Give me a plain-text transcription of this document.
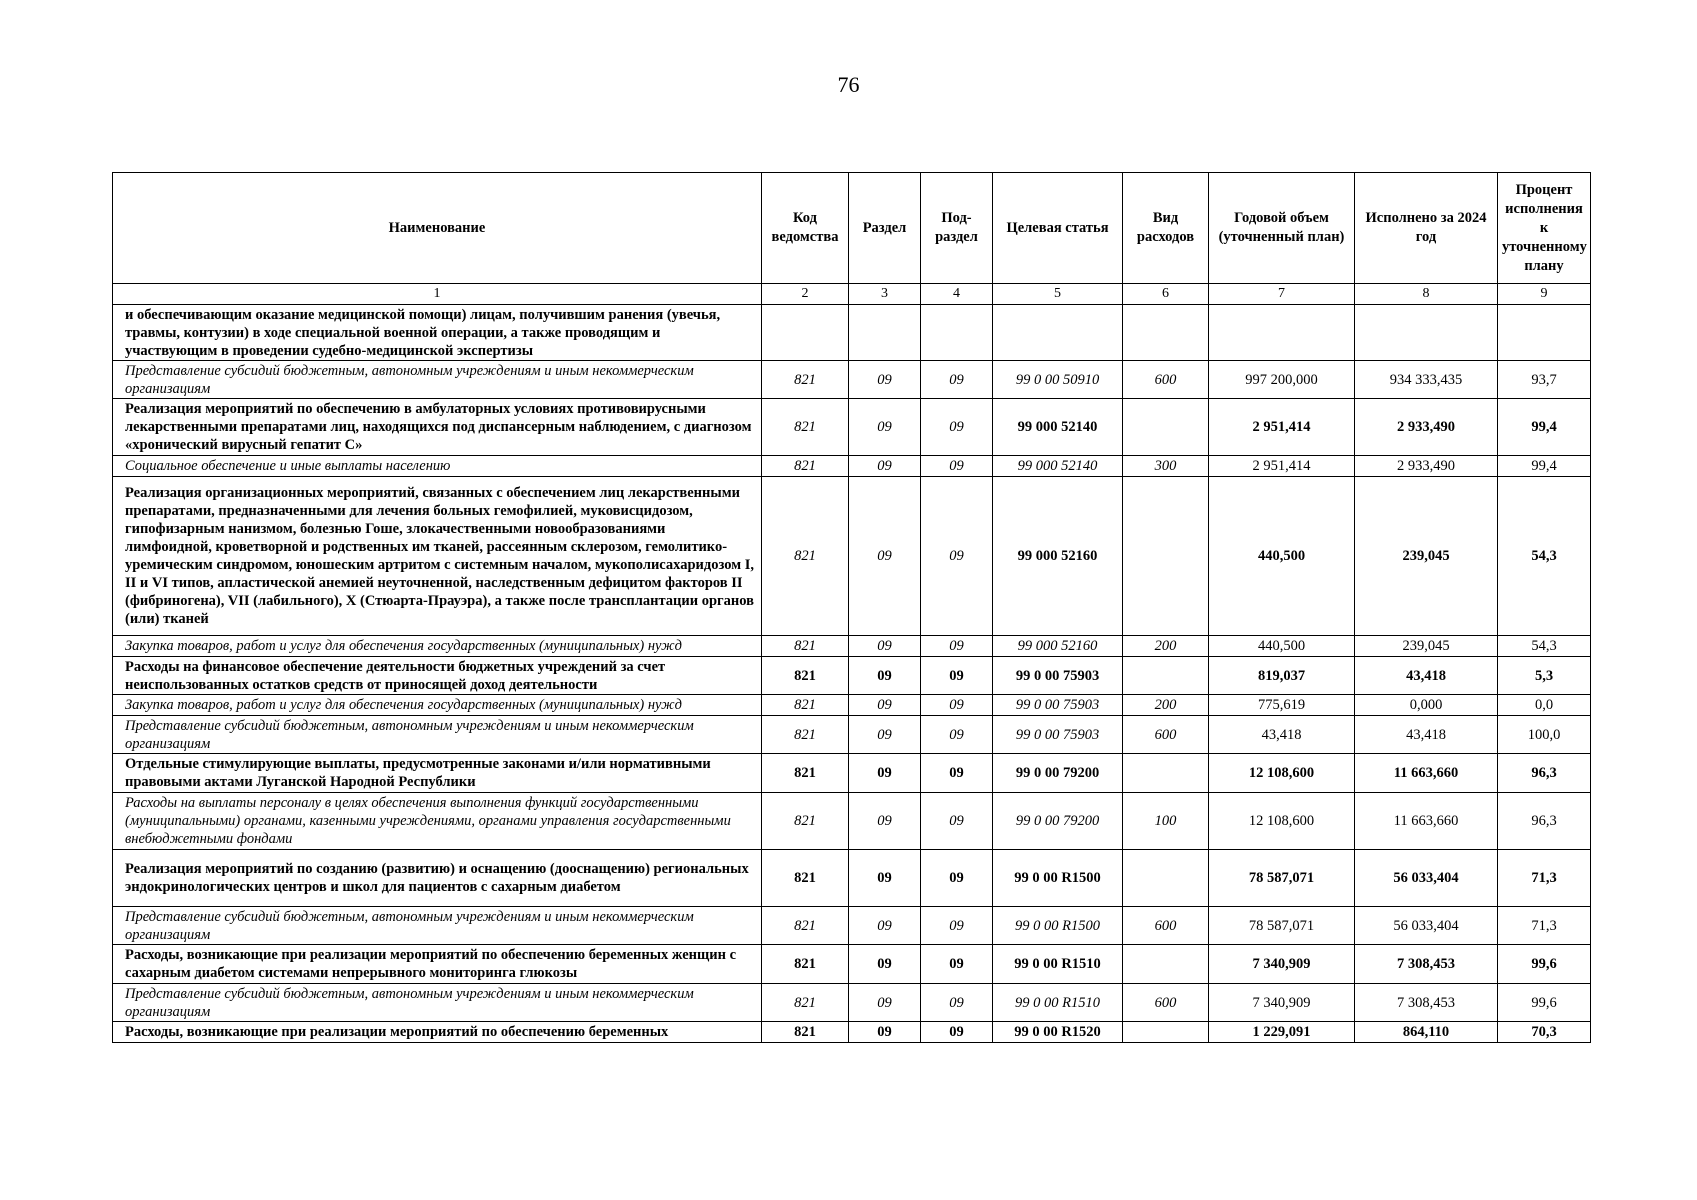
76
Наименование	Код ведомства	Раздел	Под-раздел	Целевая статья	Вид расходов	Годовой объем (уточненный план)	Исполнено за 2024 год	Процент исполнения к уточненному плану
1	2	3	4	5	6	7	8	9
и обеспечивающим оказание медицинской помощи) лицам, получившим ранения (увечья, травмы, контузии) в ходе специальной военной операции, а также проводящим и участвующим в проведении судебно-медицинской экспертизы								
Представление субсидий бюджетным, автономным учреждениям и иным некоммерческим организациям	821	09	09	99 0 00 50910	600	997 200,000	934 333,435	93,7
Реализация мероприятий по обеспечению в амбулаторных условиях противовирусными лекарственными препаратами лиц, находящихся под диспансерным наблюдением, с диагнозом «хронический вирусный гепатит С»	821	09	09	99 000 52140		2 951,414	2 933,490	99,4
Социальное обеспечение и иные выплаты населению	821	09	09	99 000 52140	300	2 951,414	2 933,490	99,4
Реализация организационных мероприятий, связанных с обеспечением лиц лекарственными препаратами, предназначенными для лечения больных гемофилией, муковисцидозом, гипофизарным нанизмом, болезнью Гоше, злокачественными новообразованиями лимфоидной, кроветворной и родственных им тканей, рассеянным склерозом, гемолитико-уремическим синдромом, юношеским артритом с системным началом, мукополисахаридозом I, II и VI типов, апластической анемией неуточненной, наследственным дефицитом факторов II (фибриногена), VII (лабильного), X (Стюарта-Прауэра), а также после трансплантации органов (или) тканей	821	09	09	99 000 52160		440,500	239,045	54,3
Закупка товаров, работ и услуг для обеспечения государственных (муниципальных) нужд	821	09	09	99 000 52160	200	440,500	239,045	54,3
Расходы на финансовое обеспечение деятельности бюджетных учреждений за счет неиспользованных остатков средств от приносящей доход деятельности	821	09	09	99 0 00 75903		819,037	43,418	5,3
Закупка товаров, работ и услуг для обеспечения государственных (муниципальных) нужд	821	09	09	99 0 00 75903	200	775,619	0,000	0,0
Представление субсидий бюджетным, автономным учреждениям и иным некоммерческим организациям	821	09	09	99 0 00 75903	600	43,418	43,418	100,0
Отдельные стимулирующие выплаты, предусмотренные законами и/или нормативными правовыми актами Луганской Народной Республики	821	09	09	99 0 00 79200		12 108,600	11 663,660	96,3
Расходы на выплаты персоналу в целях обеспечения выполнения функций государственными (муниципальными) органами, казенными учреждениями, органами управления государственными внебюджетными фондами	821	09	09	99 0 00 79200	100	12 108,600	11 663,660	96,3
Реализация мероприятий по созданию (развитию) и оснащению (дооснащению) региональных эндокринологических центров и школ для пациентов с сахарным диабетом	821	09	09	99 0 00 R1500		78 587,071	56 033,404	71,3
Представление субсидий бюджетным, автономным учреждениям и иным некоммерческим организациям	821	09	09	99 0 00 R1500	600	78 587,071	56 033,404	71,3
Расходы, возникающие при реализации мероприятий по обеспечению беременных женщин с сахарным диабетом системами непрерывного мониторинга глюкозы	821	09	09	99 0 00 R1510		7 340,909	7 308,453	99,6
Представление субсидий бюджетным, автономным учреждениям и иным некоммерческим организациям	821	09	09	99 0 00 R1510	600	7 340,909	7 308,453	99,6
Расходы, возникающие при реализации мероприятий по обеспечению беременных	821	09	09	99 0 00 R1520		1 229,091	864,110	70,3
